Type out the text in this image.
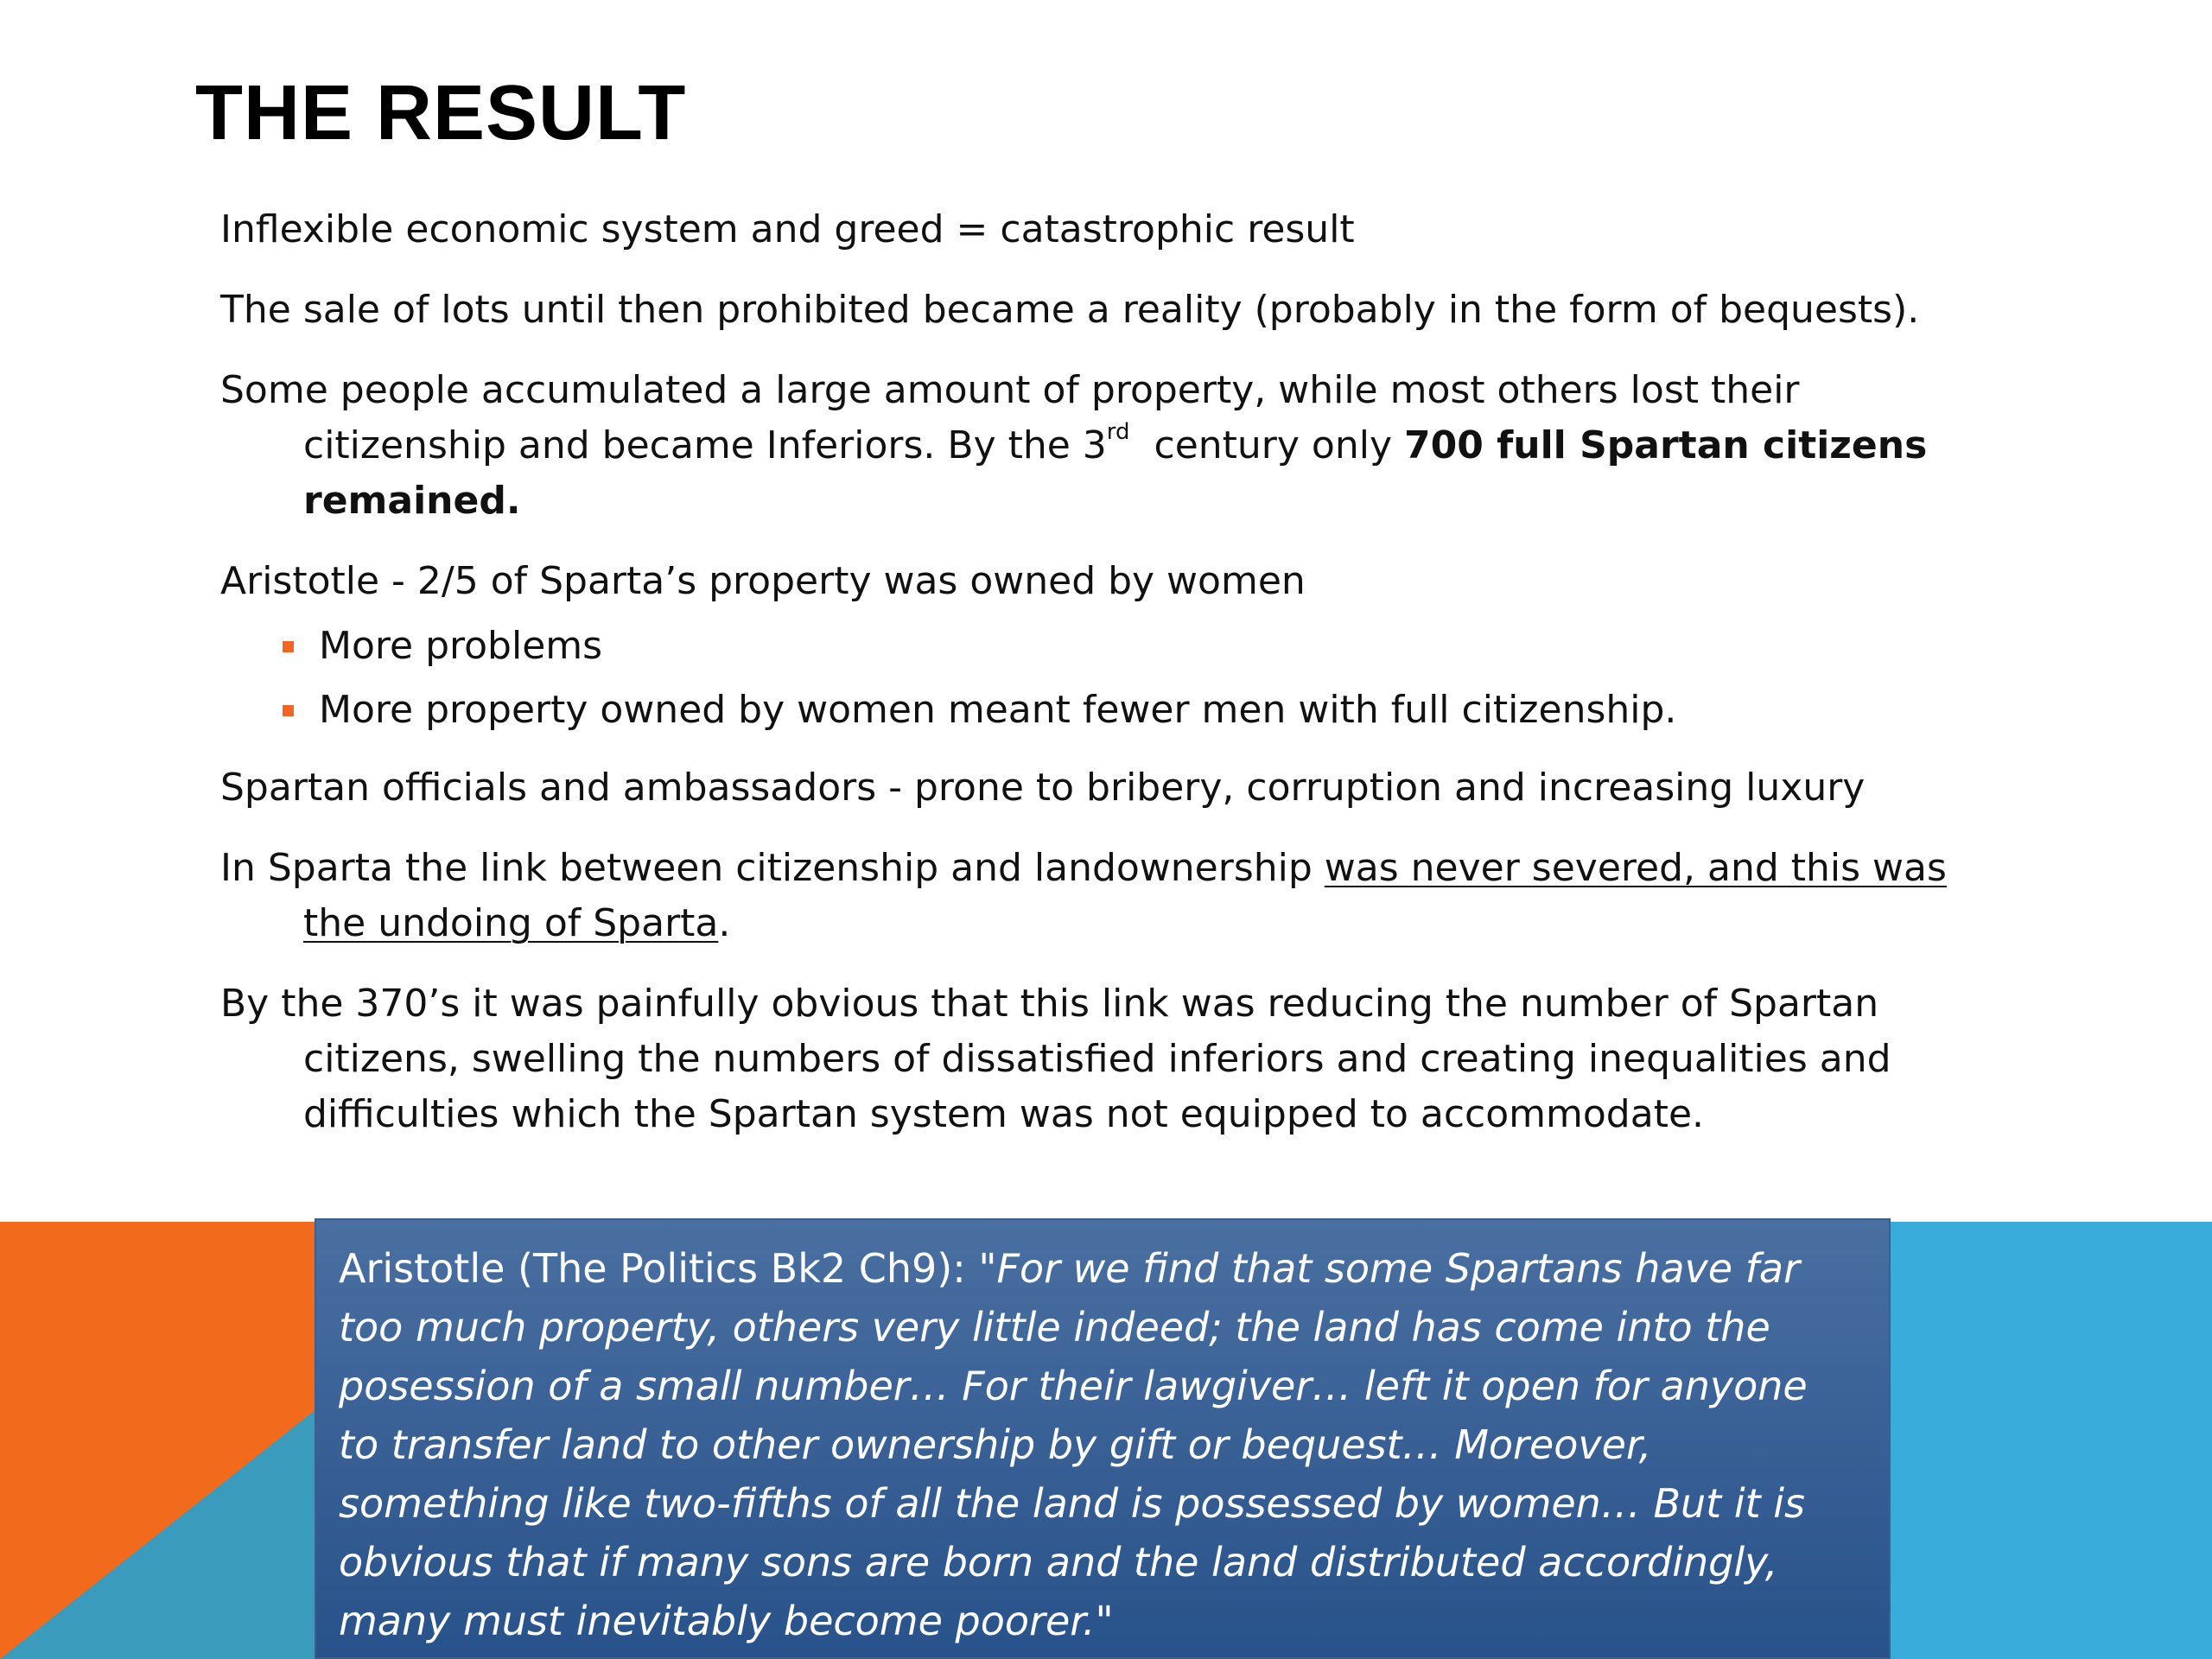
THE RESULT

Inflexible economic system and greed = catastrophic result

The sale of lots until then prohibited became a reality (probably in the form of bequests).

Some people accumulated a large amount of property, while most others lost their citizenship and became Inferiors. By the 3rd  century only 700 full Spartan citizens remained.

Aristotle - 2/5 of Sparta’s property was owned by women

More problems
More property owned by women meant fewer men with full citizenship.

Spartan officials and ambassadors - prone to bribery, corruption and increasing luxury

In Sparta the link between citizenship and landownership was never severed, and this was the undoing of Sparta.

By the 370’s it was painfully obvious that this link was reducing the number of Spartan citizens, swelling the numbers of dissatisfied inferiors and creating inequalities and difficulties which the Spartan system was not equipped to accommodate.

Aristotle (The Politics Bk2 Ch9): "For we find that some Spartans have far too much property, others very little indeed; the land has come into the posession of a small number… For their lawgiver… left it open for anyone to transfer land to other ownership by gift or bequest… Moreover, something like two-fifths of all the land is possessed by women… But it is obvious that if many sons are born and the land distributed accordingly, many must inevitably become poorer."
